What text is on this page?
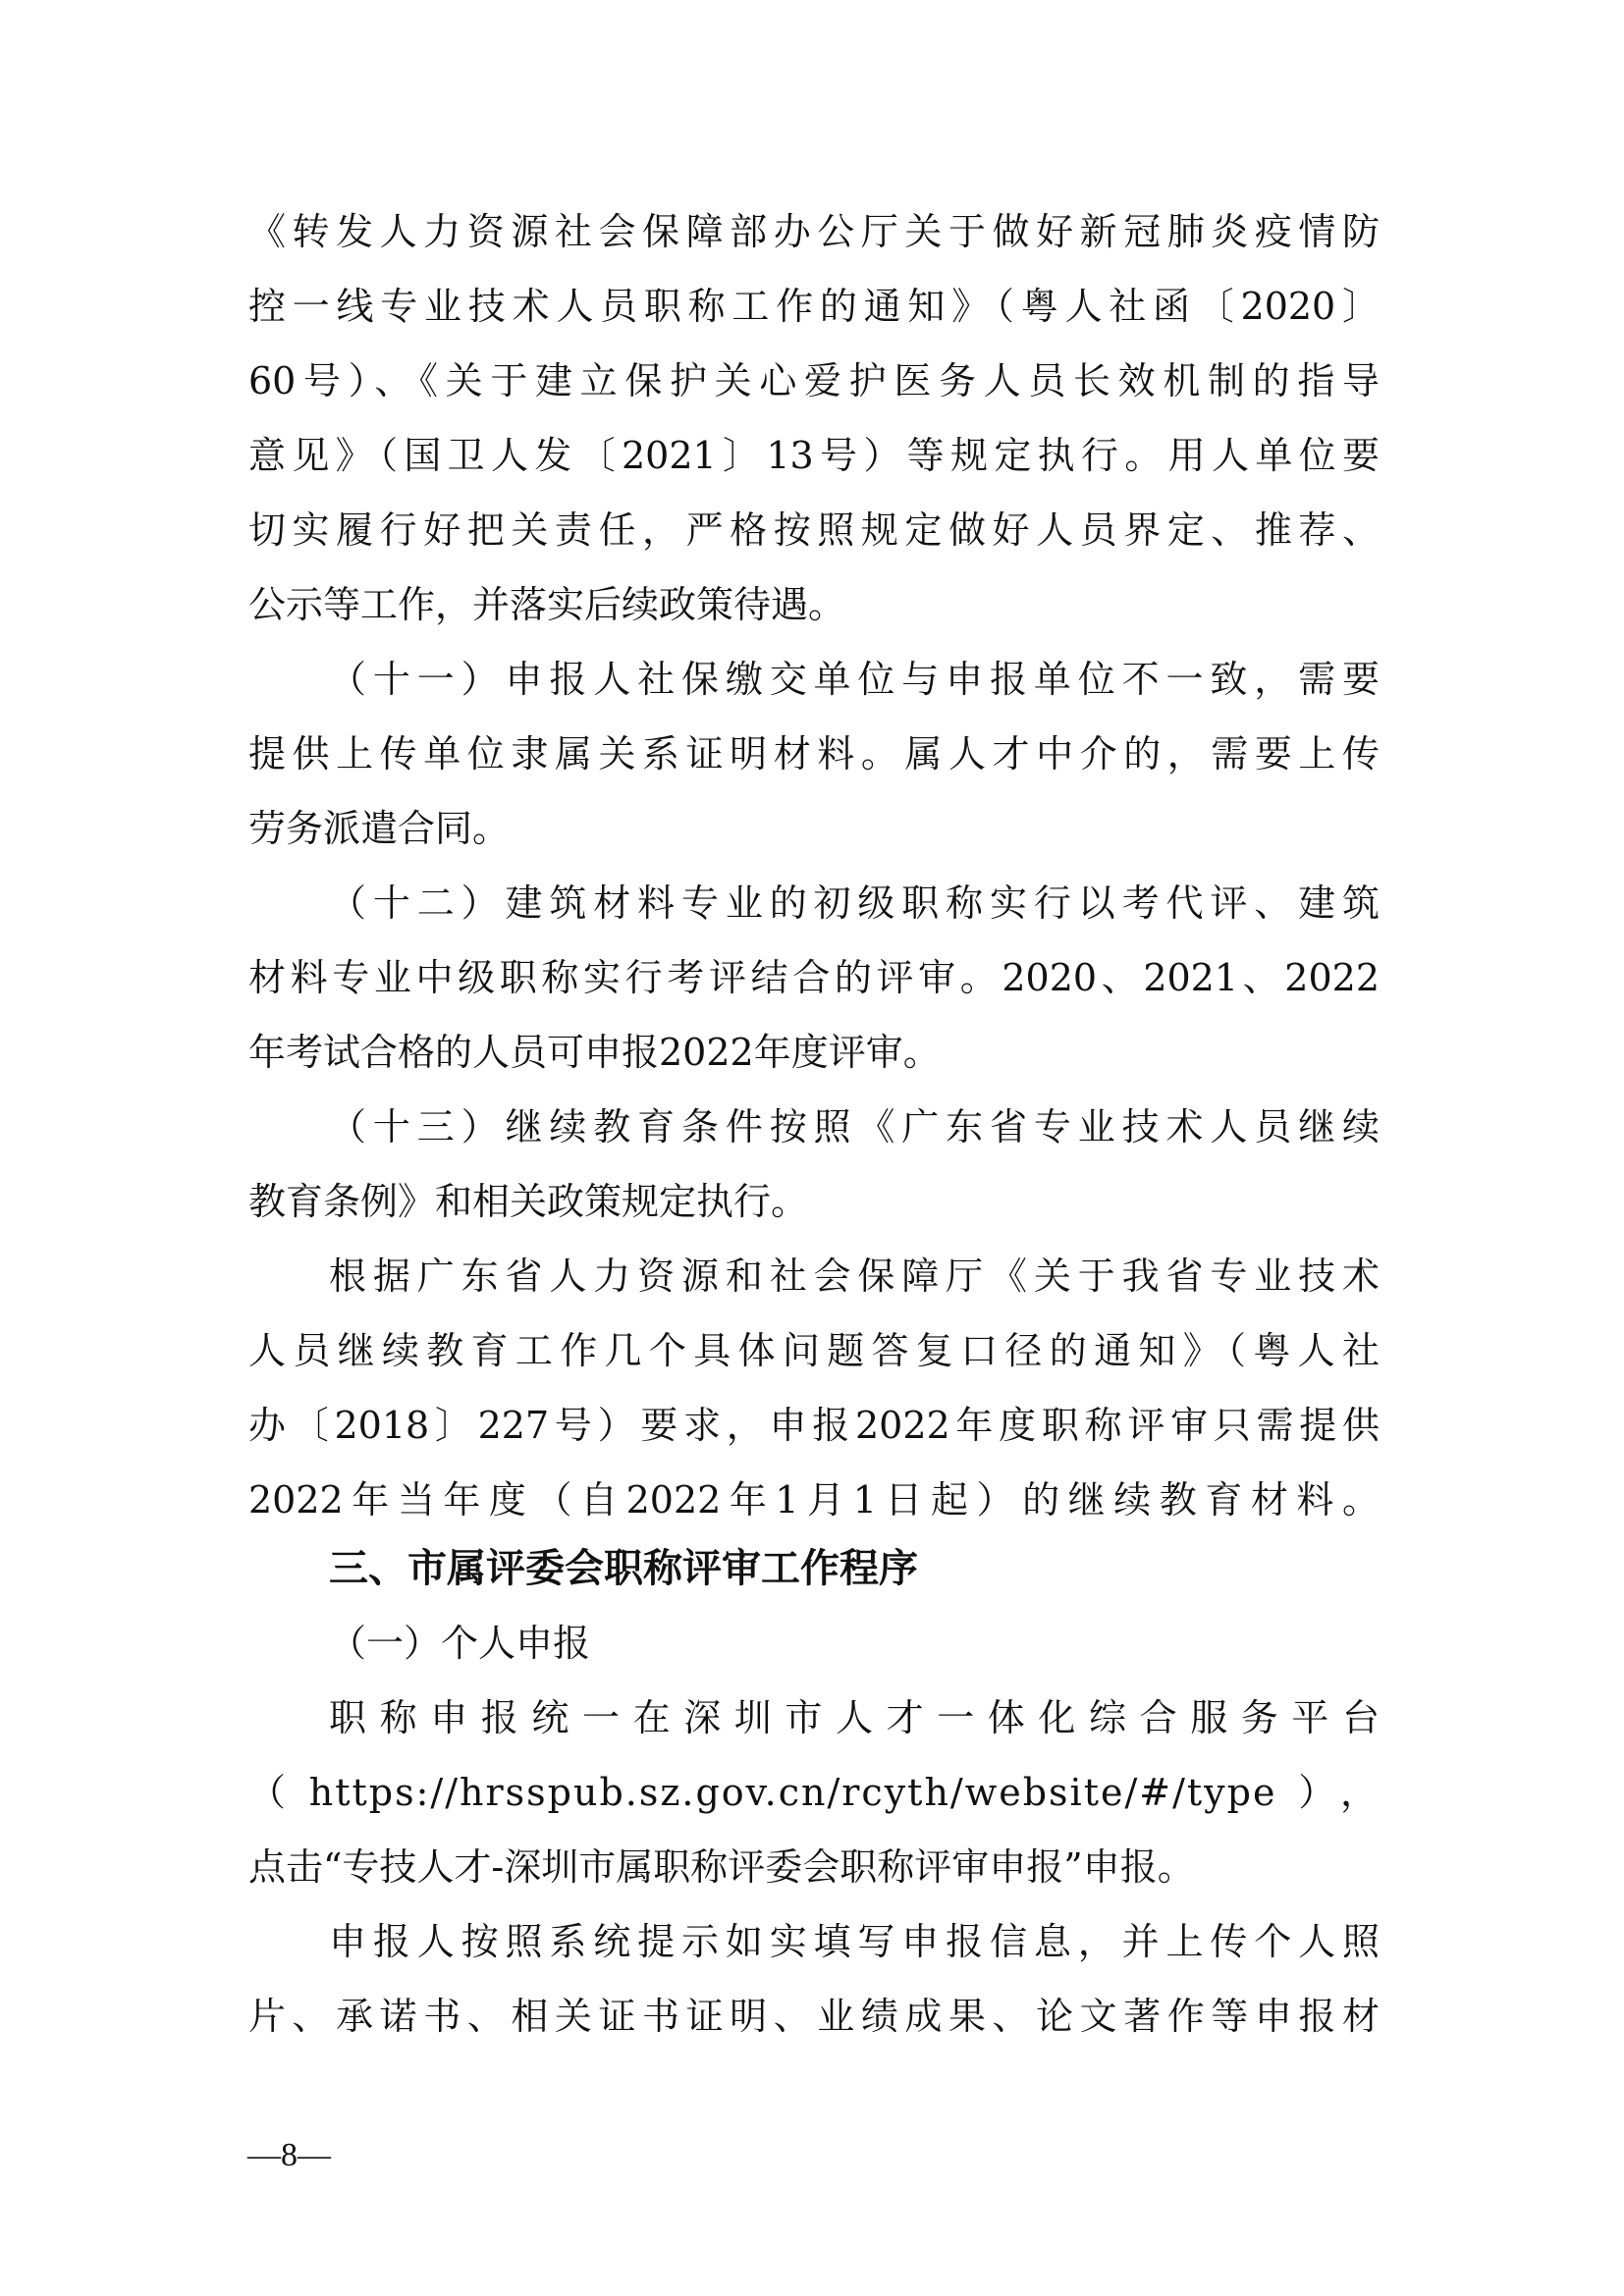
《转发人力资源社会保障部办公厅关于做好新冠肺炎疫情防
控一线专业技术人员职称工作的通知》（粤人社函〔2020〕
60号）、《关于建立保护关心爱护医务人员长效机制的指导
意见》（国卫人发〔2021〕13号）等规定执行。用人单位要
切实履行好把关责任，严格按照规定做好人员界定、推荐、
公示等工作，并落实后续政策待遇。
（十一）申报人社保缴交单位与申报单位不一致，需要
提供上传单位隶属关系证明材料。属人才中介的，需要上传
劳务派遣合同。
（十二）建筑材料专业的初级职称实行以考代评、建筑
材料专业中级职称实行考评结合的评审。2020、2021、2022
年考试合格的人员可申报2022年度评审。
（十三）继续教育条件按照《广东省专业技术人员继续
教育条例》和相关政策规定执行。
根据广东省人力资源和社会保障厅《关于我省专业技术
人员继续教育工作几个具体问题答复口径的通知》（粤人社
办〔2018〕227号）要求，申报2022年度职称评审只需提供
2022年当年度（自2022年1月1日起）的继续教育材料。
三、市属评委会职称评审工作程序
（一）个人申报
职称申报统一在深圳市人才一体化综合服务平台
（https://hrsspub.sz.gov.cn/rcyth/website/#/type），
点击“专技人才-深圳市属职称评委会职称评审申报”申报。
申报人按照系统提示如实填写申报信息，并上传个人照
片、承诺书、相关证书证明、业绩成果、论文著作等申报材
—8—
